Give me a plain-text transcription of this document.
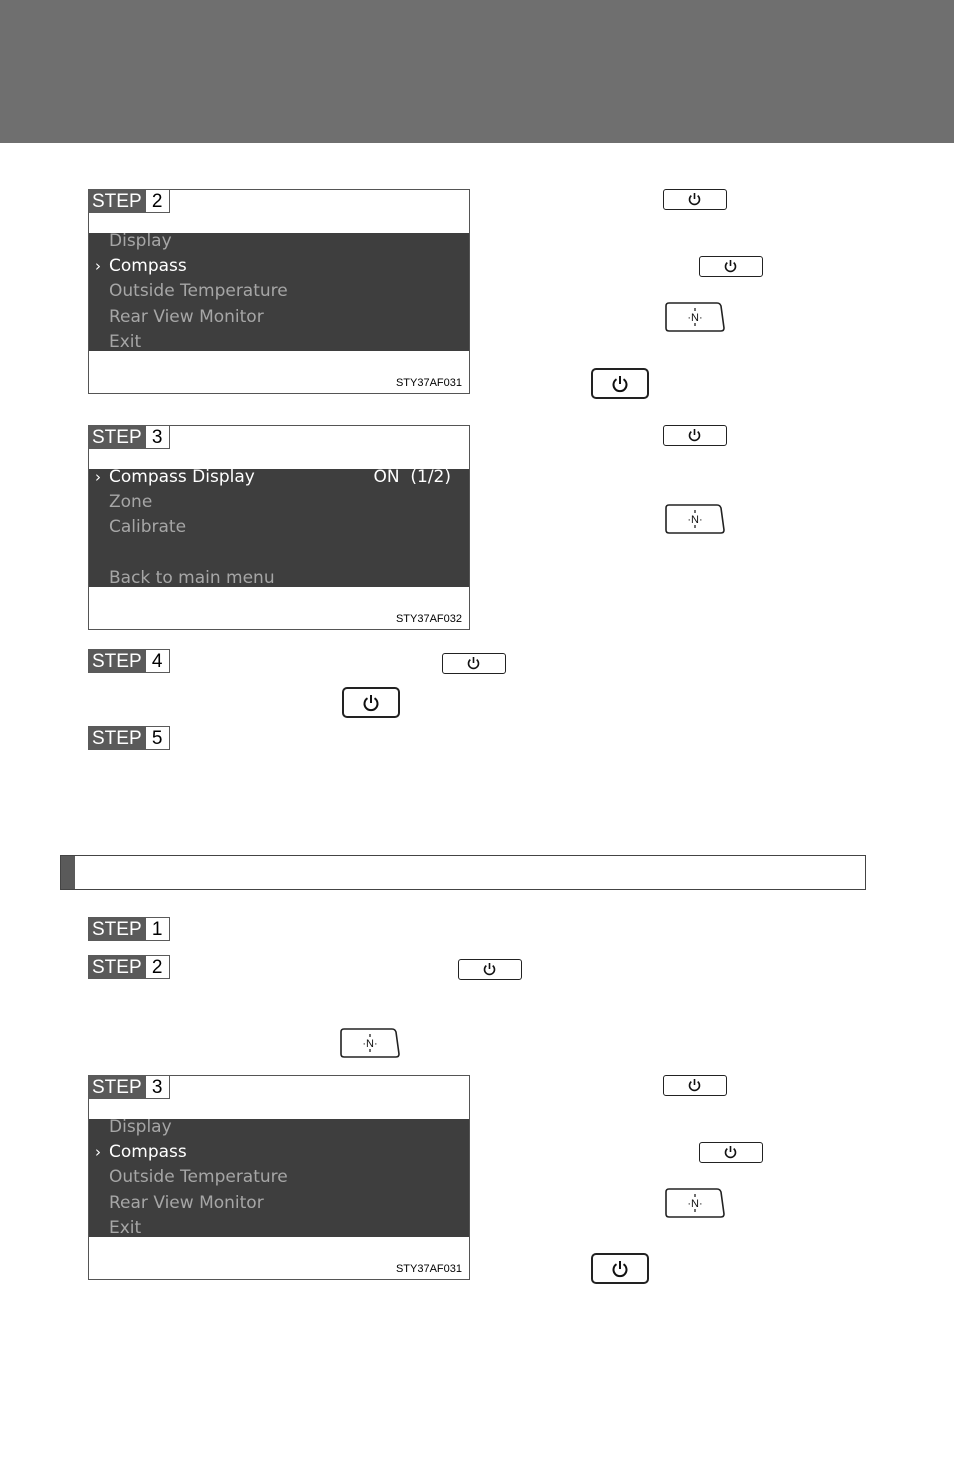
STEP 2
Display
› Compass
Outside Temperature
Rear View Monitor
Exit
STY37AF031
STEP 3
› Compass Display	ON  (1/2)
Zone
Calibrate
Back to main menu
STY37AF032
STEP 4
STEP 5
STEP 1
STEP 2
STEP 3
Display
› Compass
Outside Temperature
Rear View Monitor
Exit
STY37AF031
·N·
·N·
·N·
·N·
